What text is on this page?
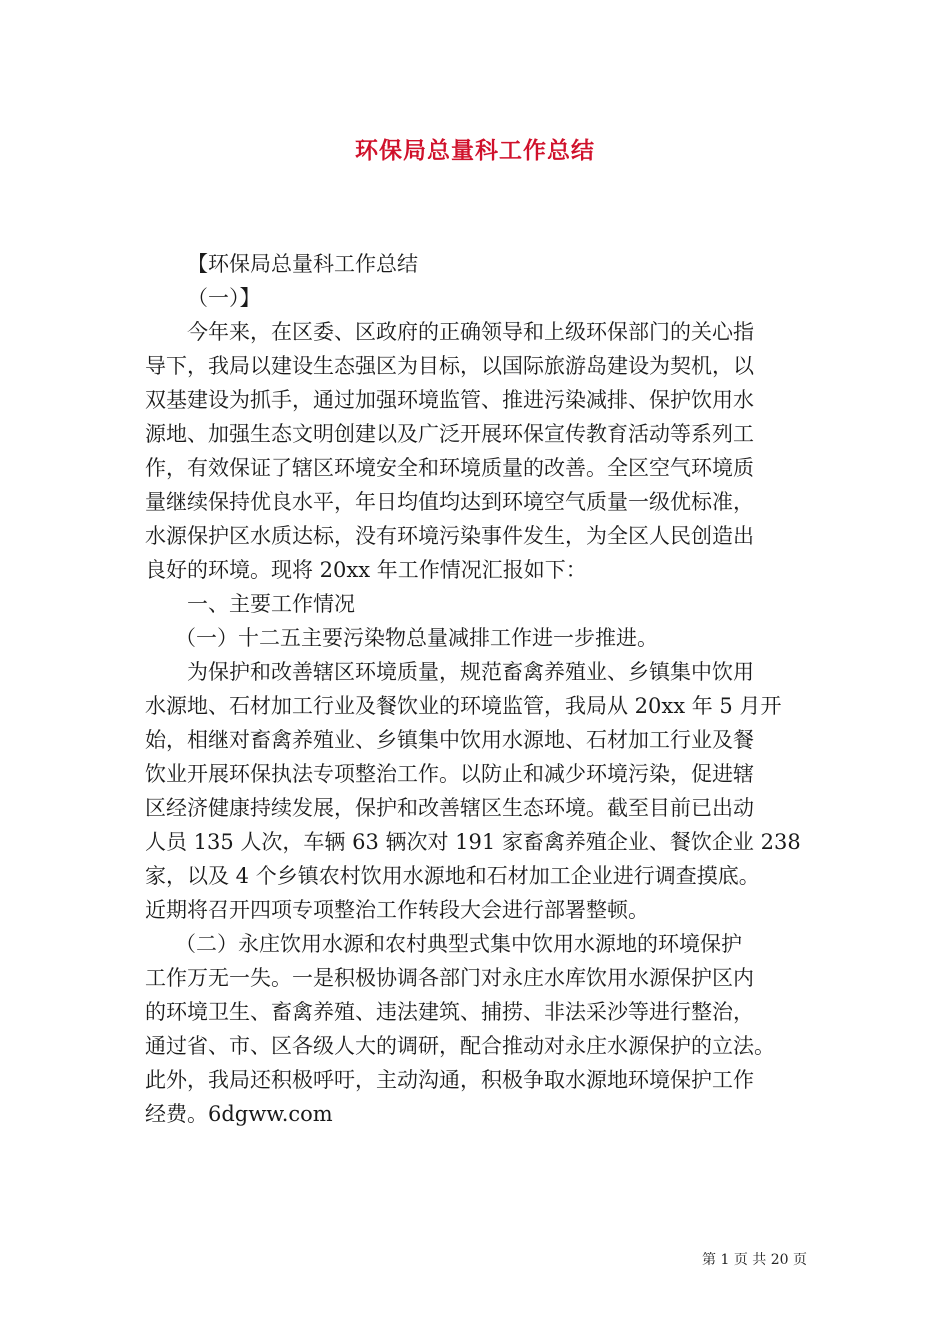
环保局总量科工作总结

【环保局总量科工作总结

（一）】

今年来，在区委、区政府的正确领导和上级环保部门的关心指

导下，我局以建设生态强区为目标，以国际旅游岛建设为契机，以

双基建设为抓手，通过加强环境监管、推进污染减排、保护饮用水

源地、加强生态文明创建以及广泛开展环保宣传教育活动等系列工

作，有效保证了辖区环境安全和环境质量的改善。全区空气环境质

量继续保持优良水平，年日均值均达到环境空气质量一级优标准，

水源保护区水质达标，没有环境污染事件发生，为全区人民创造出

良好的环境。现将 20xx 年工作情况汇报如下：

一、主要工作情况

（一）十二五主要污染物总量减排工作进一步推进。

为保护和改善辖区环境质量，规范畜禽养殖业、乡镇集中饮用

水源地、石材加工行业及餐饮业的环境监管，我局从 20xx 年 5 月开

始，相继对畜禽养殖业、乡镇集中饮用水源地、石材加工行业及餐

饮业开展环保执法专项整治工作。以防止和减少环境污染，促进辖

区经济健康持续发展，保护和改善辖区生态环境。截至目前已出动

人员 135 人次，车辆 63 辆次对 191 家畜禽养殖企业、餐饮企业 238

家，以及 4 个乡镇农村饮用水源地和石材加工企业进行调查摸底。

近期将召开四项专项整治工作转段大会进行部署整顿。

（二）永庄饮用水源和农村典型式集中饮用水源地的环境保护

工作万无一失。一是积极协调各部门对永庄水库饮用水源保护区内

的环境卫生、畜禽养殖、违法建筑、捕捞、非法采沙等进行整治，

通过省、市、区各级人大的调研，配合推动对永庄水源保护的立法。

此外，我局还积极呼吁，主动沟通，积极争取水源地环境保护工作

经费。6dgww.com

第 1 页 共 20 页
